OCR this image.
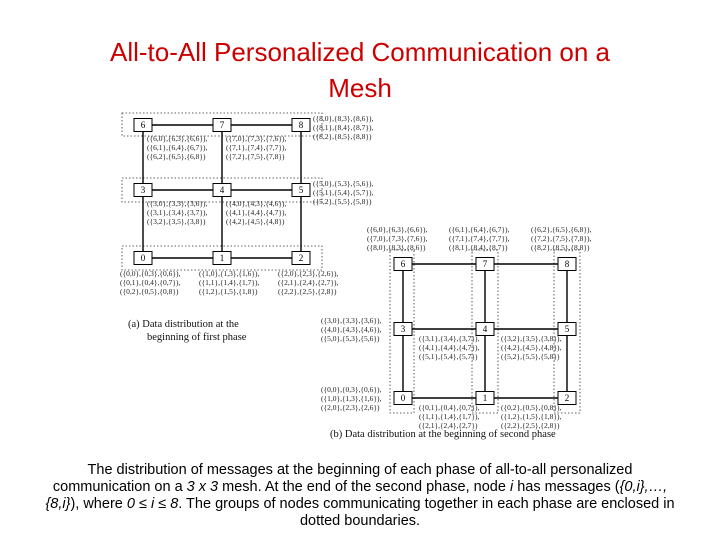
All-to-All Personalized Communication on a
Mesh
6
({6,0},{6,3},{6,6}),
({6,1},{6,4},{6,7}),
({6,2},{6,5},{6,8})
7
({7,0},{7,3},{7,6}),
({7,1},{7,4},{7,7}),
({7,2},{7,5},{7,8})
8
({8,0},{8,3},{8,6}),
({8,1},{8,4},{8,7}),
({8,2},{8,5},{8,8})
3
({3,0},{3,3},{3,6}),
({3,1},{3,4},{3,7}),
({3,2},{3,5},{3,8})
4
({4,0},{4,3},{4,6}),
({4,1},{4,4},{4,7}),
({4,2},{4,5},{4,8})
5
({5,0},{5,3},{5,6}),
({5,1},{5,4},{5,7}),
({5,2},{5,5},{5,8})
0
({0,0},{0,3},{0,6}),
({0,1},{0,4},{0,7}),
({0,2},{0,5},{0,8})
1
({1,0},{1,3},{1,6}),
({1,1},{1,4},{1,7}),
({1,2},{1,5},{1,8})
2
({2,0},{2,3},{2,6}),
({2,1},{2,4},{2,7}),
({2,2},{2,5},{2,8})
6
({6,0},{6,3},{6,6}),
({7,0},{7,3},{7,6}),
({8,0},{8,3},{8,6})
7
({6,1},{6,4},{6,7}),
({7,1},{7,4},{7,7}),
({8,1},{8,4},{8,7})
8
({6,2},{6,5},{6,8}),
({7,2},{7,5},{7,8}),
({8,2},{8,5},{8,8})
3
({3,0},{3,3},{3,6}),
({4,0},{4,3},{4,6}),
({5,0},{5,3},{5,6})
4
({3,1},{3,4},{3,7}),
({4,1},{4,4},{4,7}),
({5,1},{5,4},{5,7})
5
({3,2},{3,5},{3,8}),
({4,2},{4,5},{4,8}),
({5,2},{5,5},{5,8})
0
({0,0},{0,3},{0,6}),
({1,0},{1,3},{1,6}),
({2,0},{2,3},{2,6})
1
({0,1},{0,4},{0,7}),
({1,1},{1,4},{1,7}),
({2,1},{2,4},{2,7})
2
({0,2},{0,5},{0,8}),
({1,2},{1,5},{1,8}),
({2,2},{2,5},{2,8})
(a) Data distribution at the
beginning of first phase
(b) Data distribution at the beginning of second phase

The distribution of messages at the beginning of each phase of all-to-all personalized communication on a 3 x 3 mesh. At the end of the second phase, node i has messages ({0,i},…,{8,i}), where 0 ≤ i ≤ 8. The groups of nodes communicating together in each phase are enclosed in dotted boundaries.
